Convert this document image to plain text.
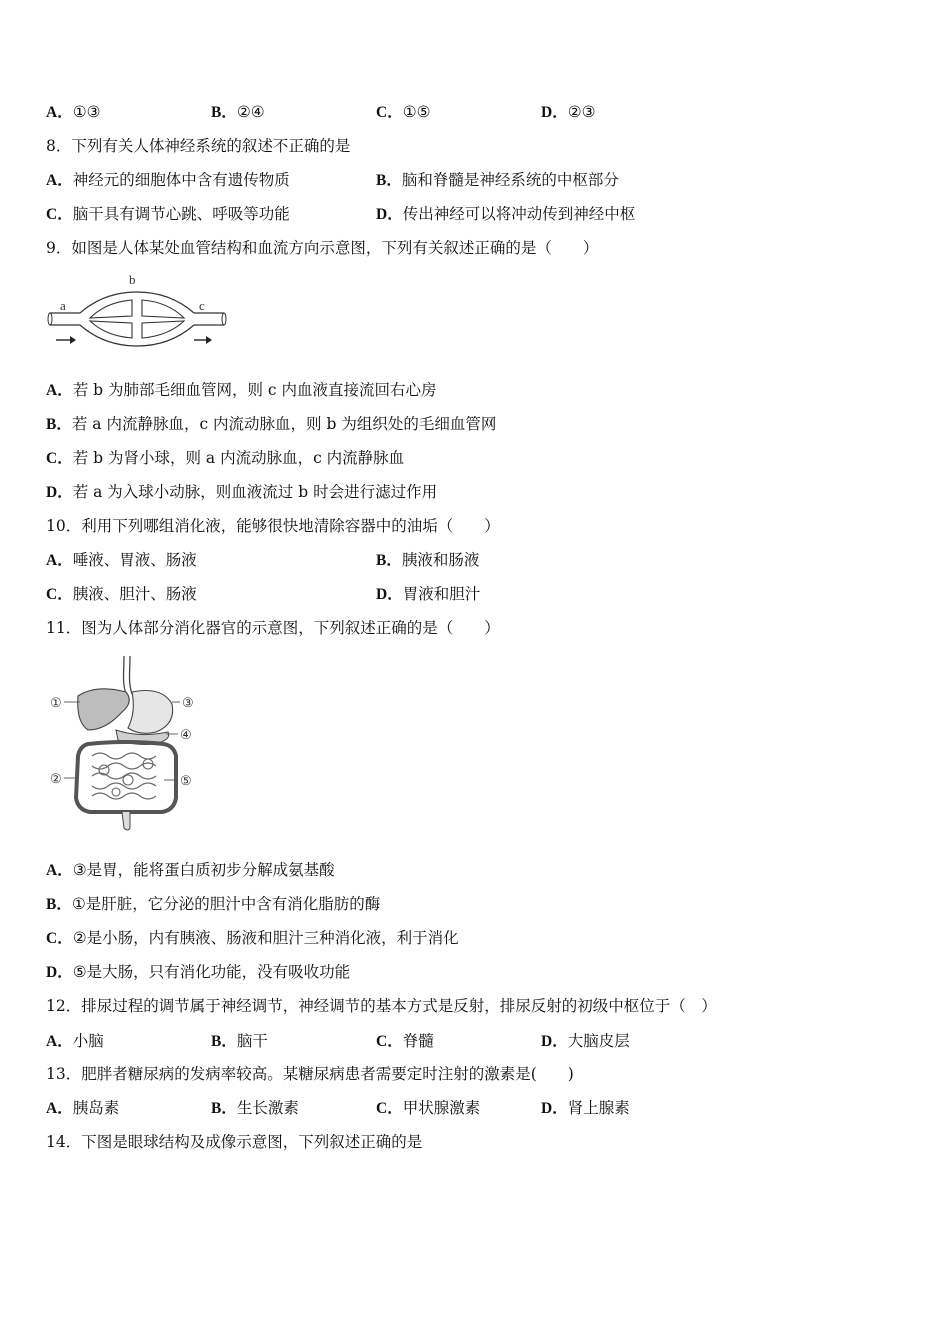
A．①③	B．②④	C．①⑤	D．②③
8．下列有关人体神经系统的叙述不正确的是
A．神经元的细胞体中含有遗传物质	B．脑和脊髓是神经系统的中枢部分
C．脑干具有调节心跳、呼吸等功能	D．传出神经可以将冲动传到神经中枢
9．如图是人体某处血管结构和血流方向示意图，下列有关叙述正确的是（　　）
a
b
c
A．若 b 为肺部毛细血管网，则 c 内血液直接流回右心房
B．若 a 内流静脉血，c 内流动脉血，则 b 为组织处的毛细血管网
C．若 b 为肾小球，则 a 内流动脉血，c 内流静脉血
D．若 a 为入球小动脉，则血液流过 b 时会进行滤过作用
10．利用下列哪组消化液，能够很快地清除容器中的油垢（　　）
A．唾液、胃液、肠液	B．胰液和肠液
C．胰液、胆汁、肠液	D．胃液和胆汁
11．图为人体部分消化器官的示意图，下列叙述正确的是（　　）
①
②
③
④
⑤
A．③是胃，能将蛋白质初步分解成氨基酸
B．①是肝脏，它分泌的胆汁中含有消化脂肪的酶
C．②是小肠，内有胰液、肠液和胆汁三种消化液，利于消化
D．⑤是大肠，只有消化功能，没有吸收功能
12．排尿过程的调节属于神经调节，神经调节的基本方式是反射，排尿反射的初级中枢位于（　）
A．小脑	B．脑干	C．脊髓	D．大脑皮层
13．肥胖者糖尿病的发病率较高。某糖尿病患者需要定时注射的激素是(　　)
A．胰岛素	B．生长激素	C．甲状腺激素	D．肾上腺素
14．下图是眼球结构及成像示意图，下列叙述正确的是
